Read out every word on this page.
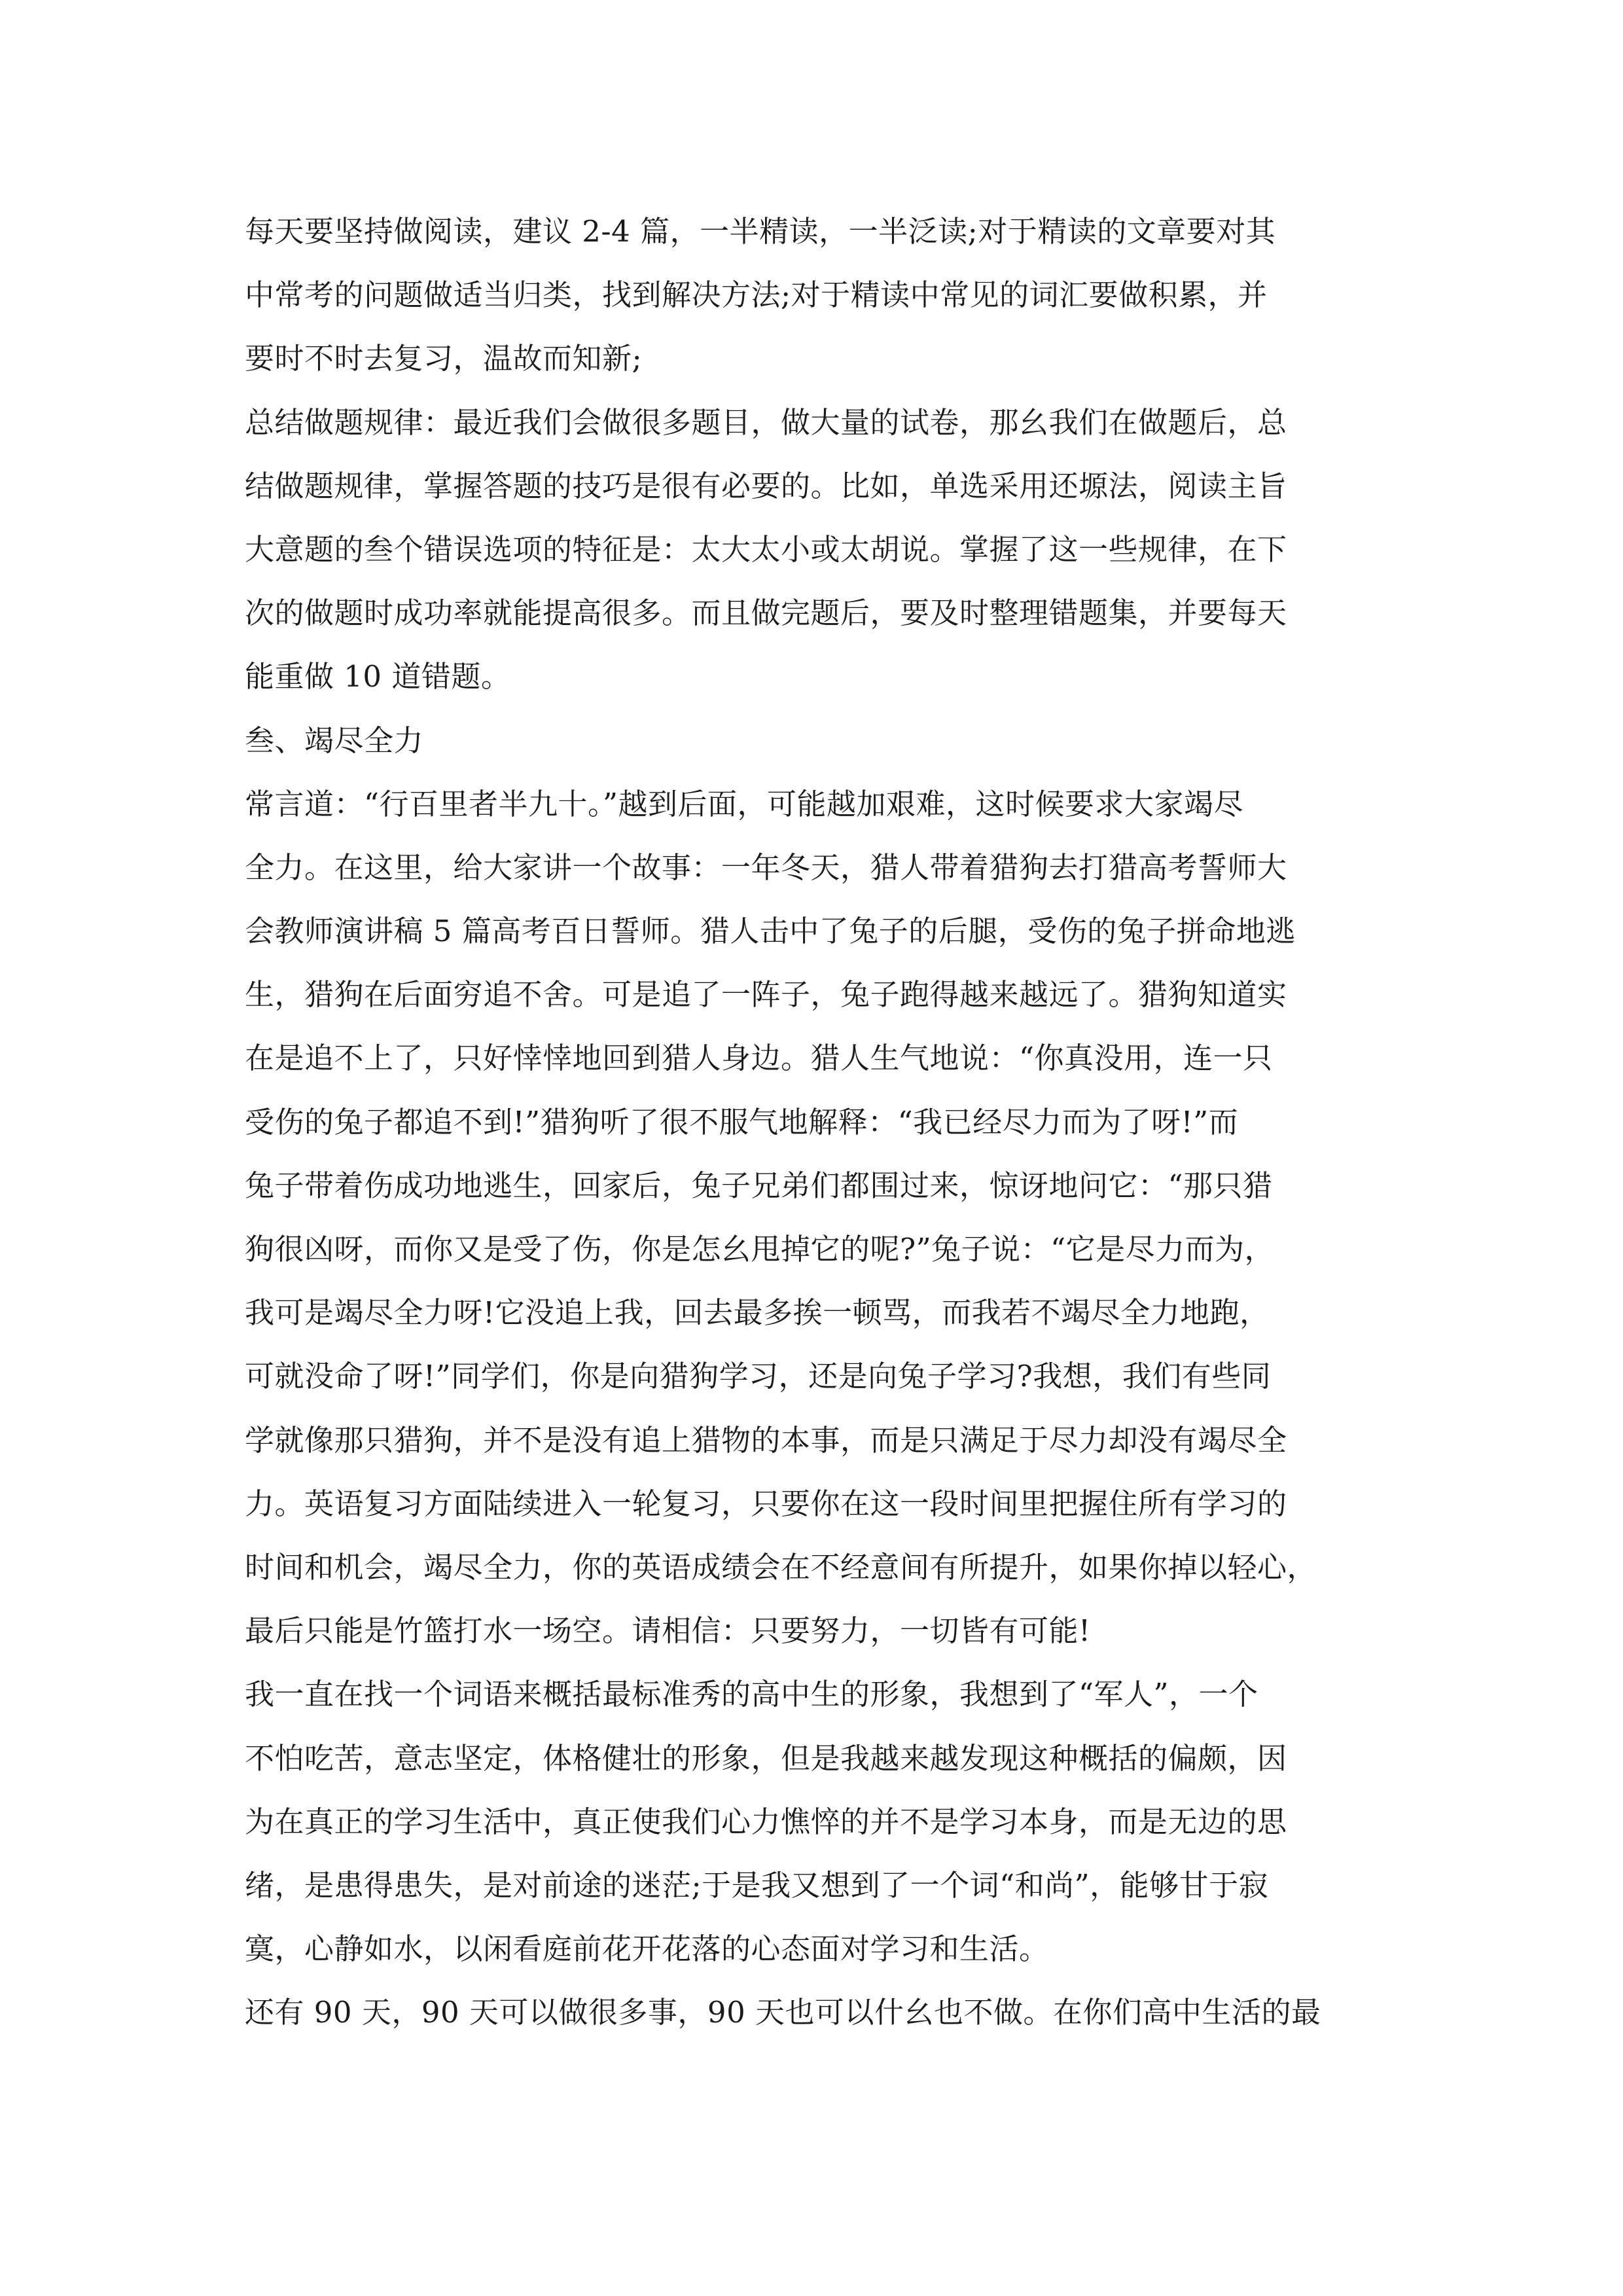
每天要坚持做阅读，建议 2-4 篇，一半精读，一半泛读;对于精读的文章要对其
中常考的问题做适当归类，找到解决方法;对于精读中常见的词汇要做积累，并
要时不时去复习，温故而知新;
总结做题规律：最近我们会做很多题目，做大量的试卷，那幺我们在做题后，总
结做题规律，掌握答题的技巧是很有必要的。比如，单选采用还塬法，阅读主旨
大意题的叁个错误选项的特征是：太大太小或太胡说。掌握了这一些规律，在下
次的做题时成功率就能提高很多。而且做完题后，要及时整理错题集，并要每天
能重做 10 道错题。
叁、竭尽全力
常言道：“行百里者半九十。”越到后面，可能越加艰难，这时候要求大家竭尽
全力。在这里，给大家讲一个故事：一年冬天，猎人带着猎狗去打猎高考誓师大
会教师演讲稿 5 篇高考百日誓师。猎人击中了兔子的后腿，受伤的兔子拼命地逃
生，猎狗在后面穷追不舍。可是追了一阵子，兔子跑得越来越远了。猎狗知道实
在是追不上了，只好悻悻地回到猎人身边。猎人生气地说：“你真没用，连一只
受伤的兔子都追不到!”猎狗听了很不服气地解释：“我已经尽力而为了呀!”而
兔子带着伤成功地逃生，回家后，兔子兄弟们都围过来，惊讶地问它：“那只猎
狗很凶呀，而你又是受了伤，你是怎幺甩掉它的呢?”兔子说：“它是尽力而为，
我可是竭尽全力呀!它没追上我，回去最多挨一顿骂，而我若不竭尽全力地跑，
可就没命了呀!”同学们，你是向猎狗学习，还是向兔子学习?我想，我们有些同
学就像那只猎狗，并不是没有追上猎物的本事，而是只满足于尽力却没有竭尽全
力。英语复习方面陆续进入一轮复习，只要你在这一段时间里把握住所有学习的
时间和机会，竭尽全力，你的英语成绩会在不经意间有所提升，如果你掉以轻心，
最后只能是竹篮打水一场空。请相信：只要努力，一切皆有可能!
我一直在找一个词语来概括最标准秀的高中生的形象，我想到了“军人”，一个
不怕吃苦，意志坚定，体格健壮的形象，但是我越来越发现这种概括的偏颇，因
为在真正的学习生活中，真正使我们心力憔悴的并不是学习本身，而是无边的思
绪，是患得患失，是对前途的迷茫;于是我又想到了一个词“和尚”，能够甘于寂
寞，心静如水，以闲看庭前花开花落的心态面对学习和生活。
还有 90 天，90 天可以做很多事，90 天也可以什幺也不做。在你们高中生活的最
